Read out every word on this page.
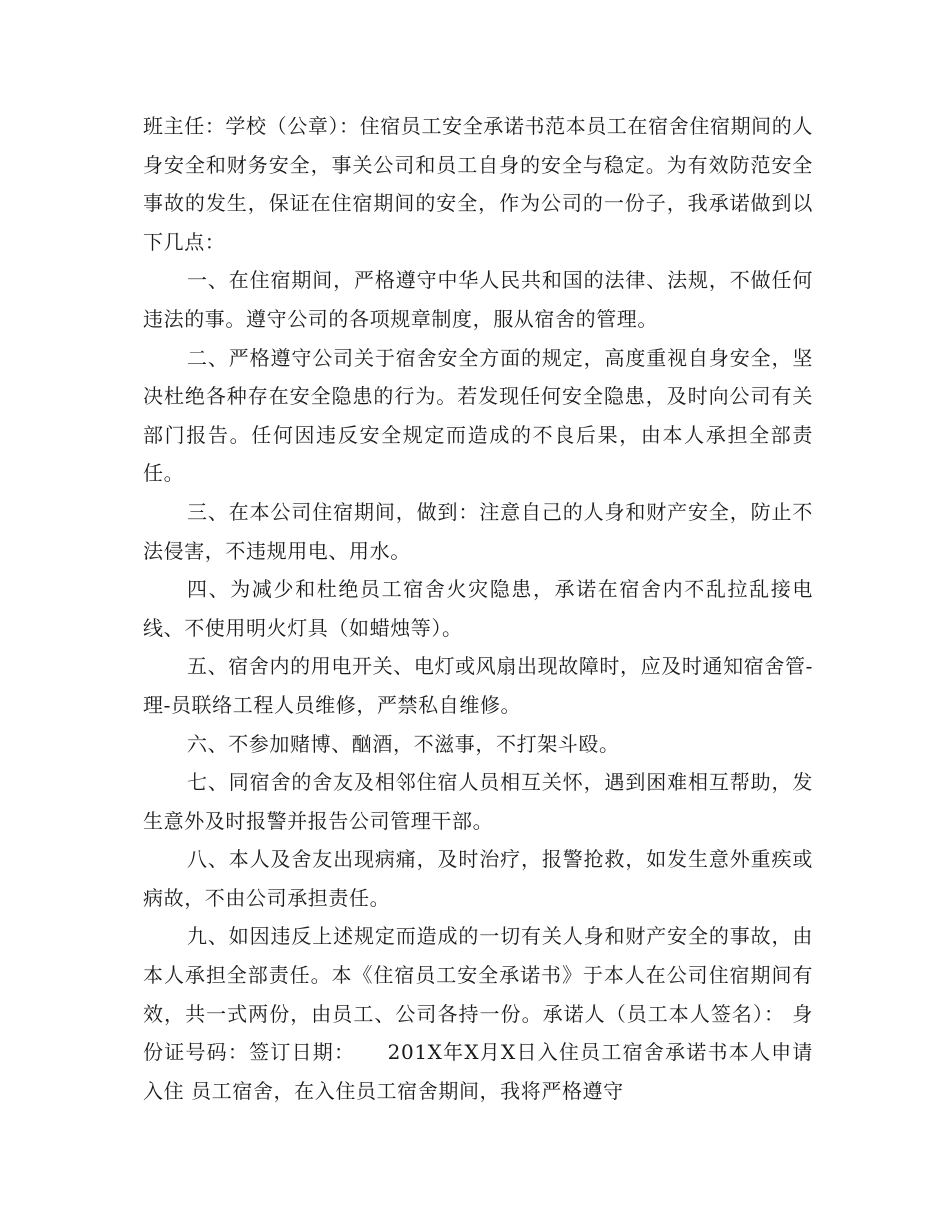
班主任：学校（公章）：住宿员工安全承诺书范本员工在宿舍住宿期间的人身安全和财务安全，事关公司和员工自身的安全与稳定。为有效防范安全事故的发生，保证在住宿期间的安全，作为公司的一份子，我承诺做到以下几点：

一、在住宿期间，严格遵守中华人民共和国的法律、法规，不做任何违法的事。遵守公司的各项规章制度，服从宿舍的管理。

二、严格遵守公司关于宿舍安全方面的规定，高度重视自身安全，坚决杜绝各种存在安全隐患的行为。若发现任何安全隐患，及时向公司有关部门报告。任何因违反安全规定而造成的不良后果，由本人承担全部责任。

三、在本公司住宿期间，做到：注意自己的人身和财产安全，防止不法侵害，不违规用电、用水。

四、为减少和杜绝员工宿舍火灾隐患，承诺在宿舍内不乱拉乱接电线、不使用明火灯具（如蜡烛等）。

五、宿舍内的用电开关、电灯或风扇出现故障时，应及时通知宿舍管-理-员联络工程人员维修，严禁私自维修。

六、不参加赌博、酗酒，不滋事，不打架斗殴。

七、同宿舍的舍友及相邻住宿人员相互关怀，遇到困难相互帮助，发生意外及时报警并报告公司管理干部。

八、本人及舍友出现病痛，及时治疗，报警抢救，如发生意外重疾或病故，不由公司承担责任。

九、如因违反上述规定而造成的一切有关人身和财产安全的事故，由本人承担全部责任。本《住宿员工安全承诺书》于本人在公司住宿期间有效，共一式两份，由员工、公司各持一份。承诺人（员工本人签名）： 身份证号码：签订日期：　　201X年X月X日入住员工宿舍承诺书本人申请入住 员工宿舍，在入住员工宿舍期间，我将严格遵守
